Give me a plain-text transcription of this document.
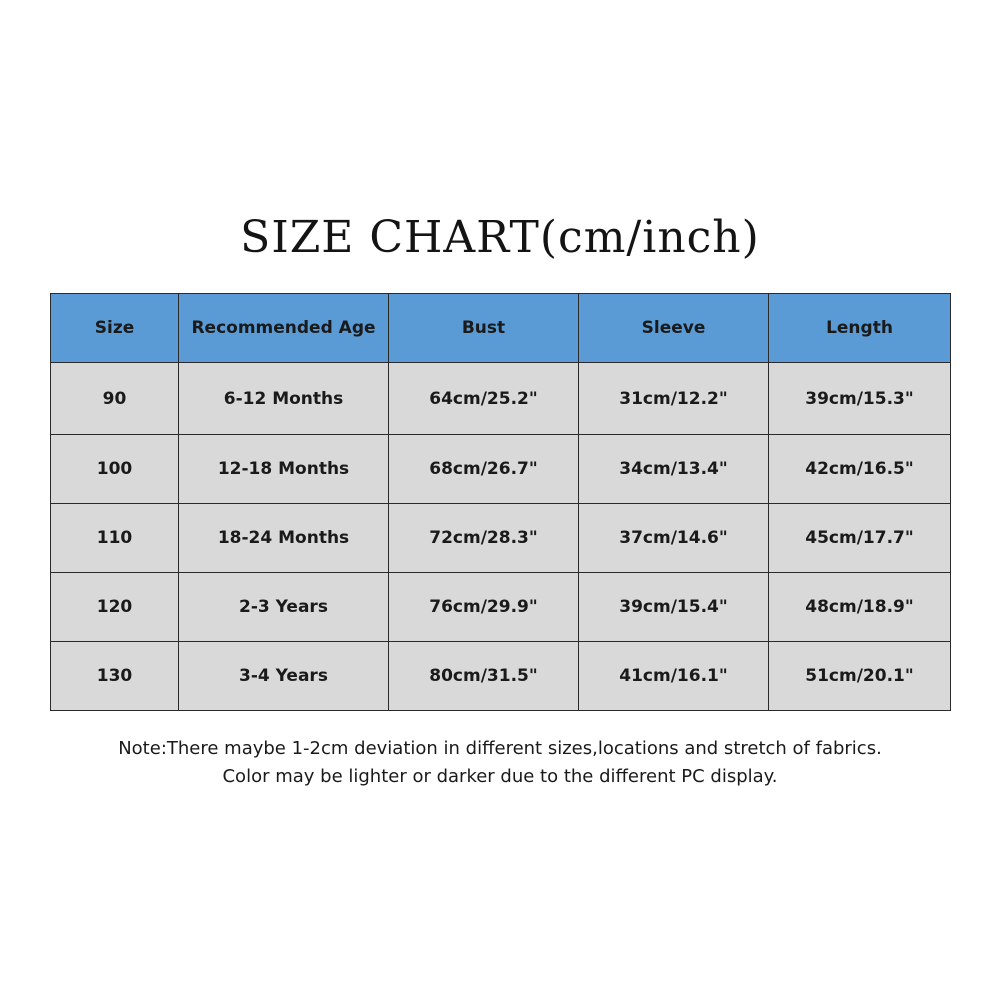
SIZE CHART(cm/inch)
Size	Recommended Age	Bust	Sleeve	Length
90	6-12 Months	64cm/25.2"	31cm/12.2"	39cm/15.3"
100	12-18 Months	68cm/26.7"	34cm/13.4"	42cm/16.5"
110	18-24 Months	72cm/28.3"	37cm/14.6"	45cm/17.7"
120	2-3 Years	76cm/29.9"	39cm/15.4"	48cm/18.9"
130	3-4 Years	80cm/31.5"	41cm/16.1"	51cm/20.1"
Note:There maybe 1-2cm deviation in different sizes,locations and stretch of fabrics.
Color may be lighter or darker due to the different PC display.
